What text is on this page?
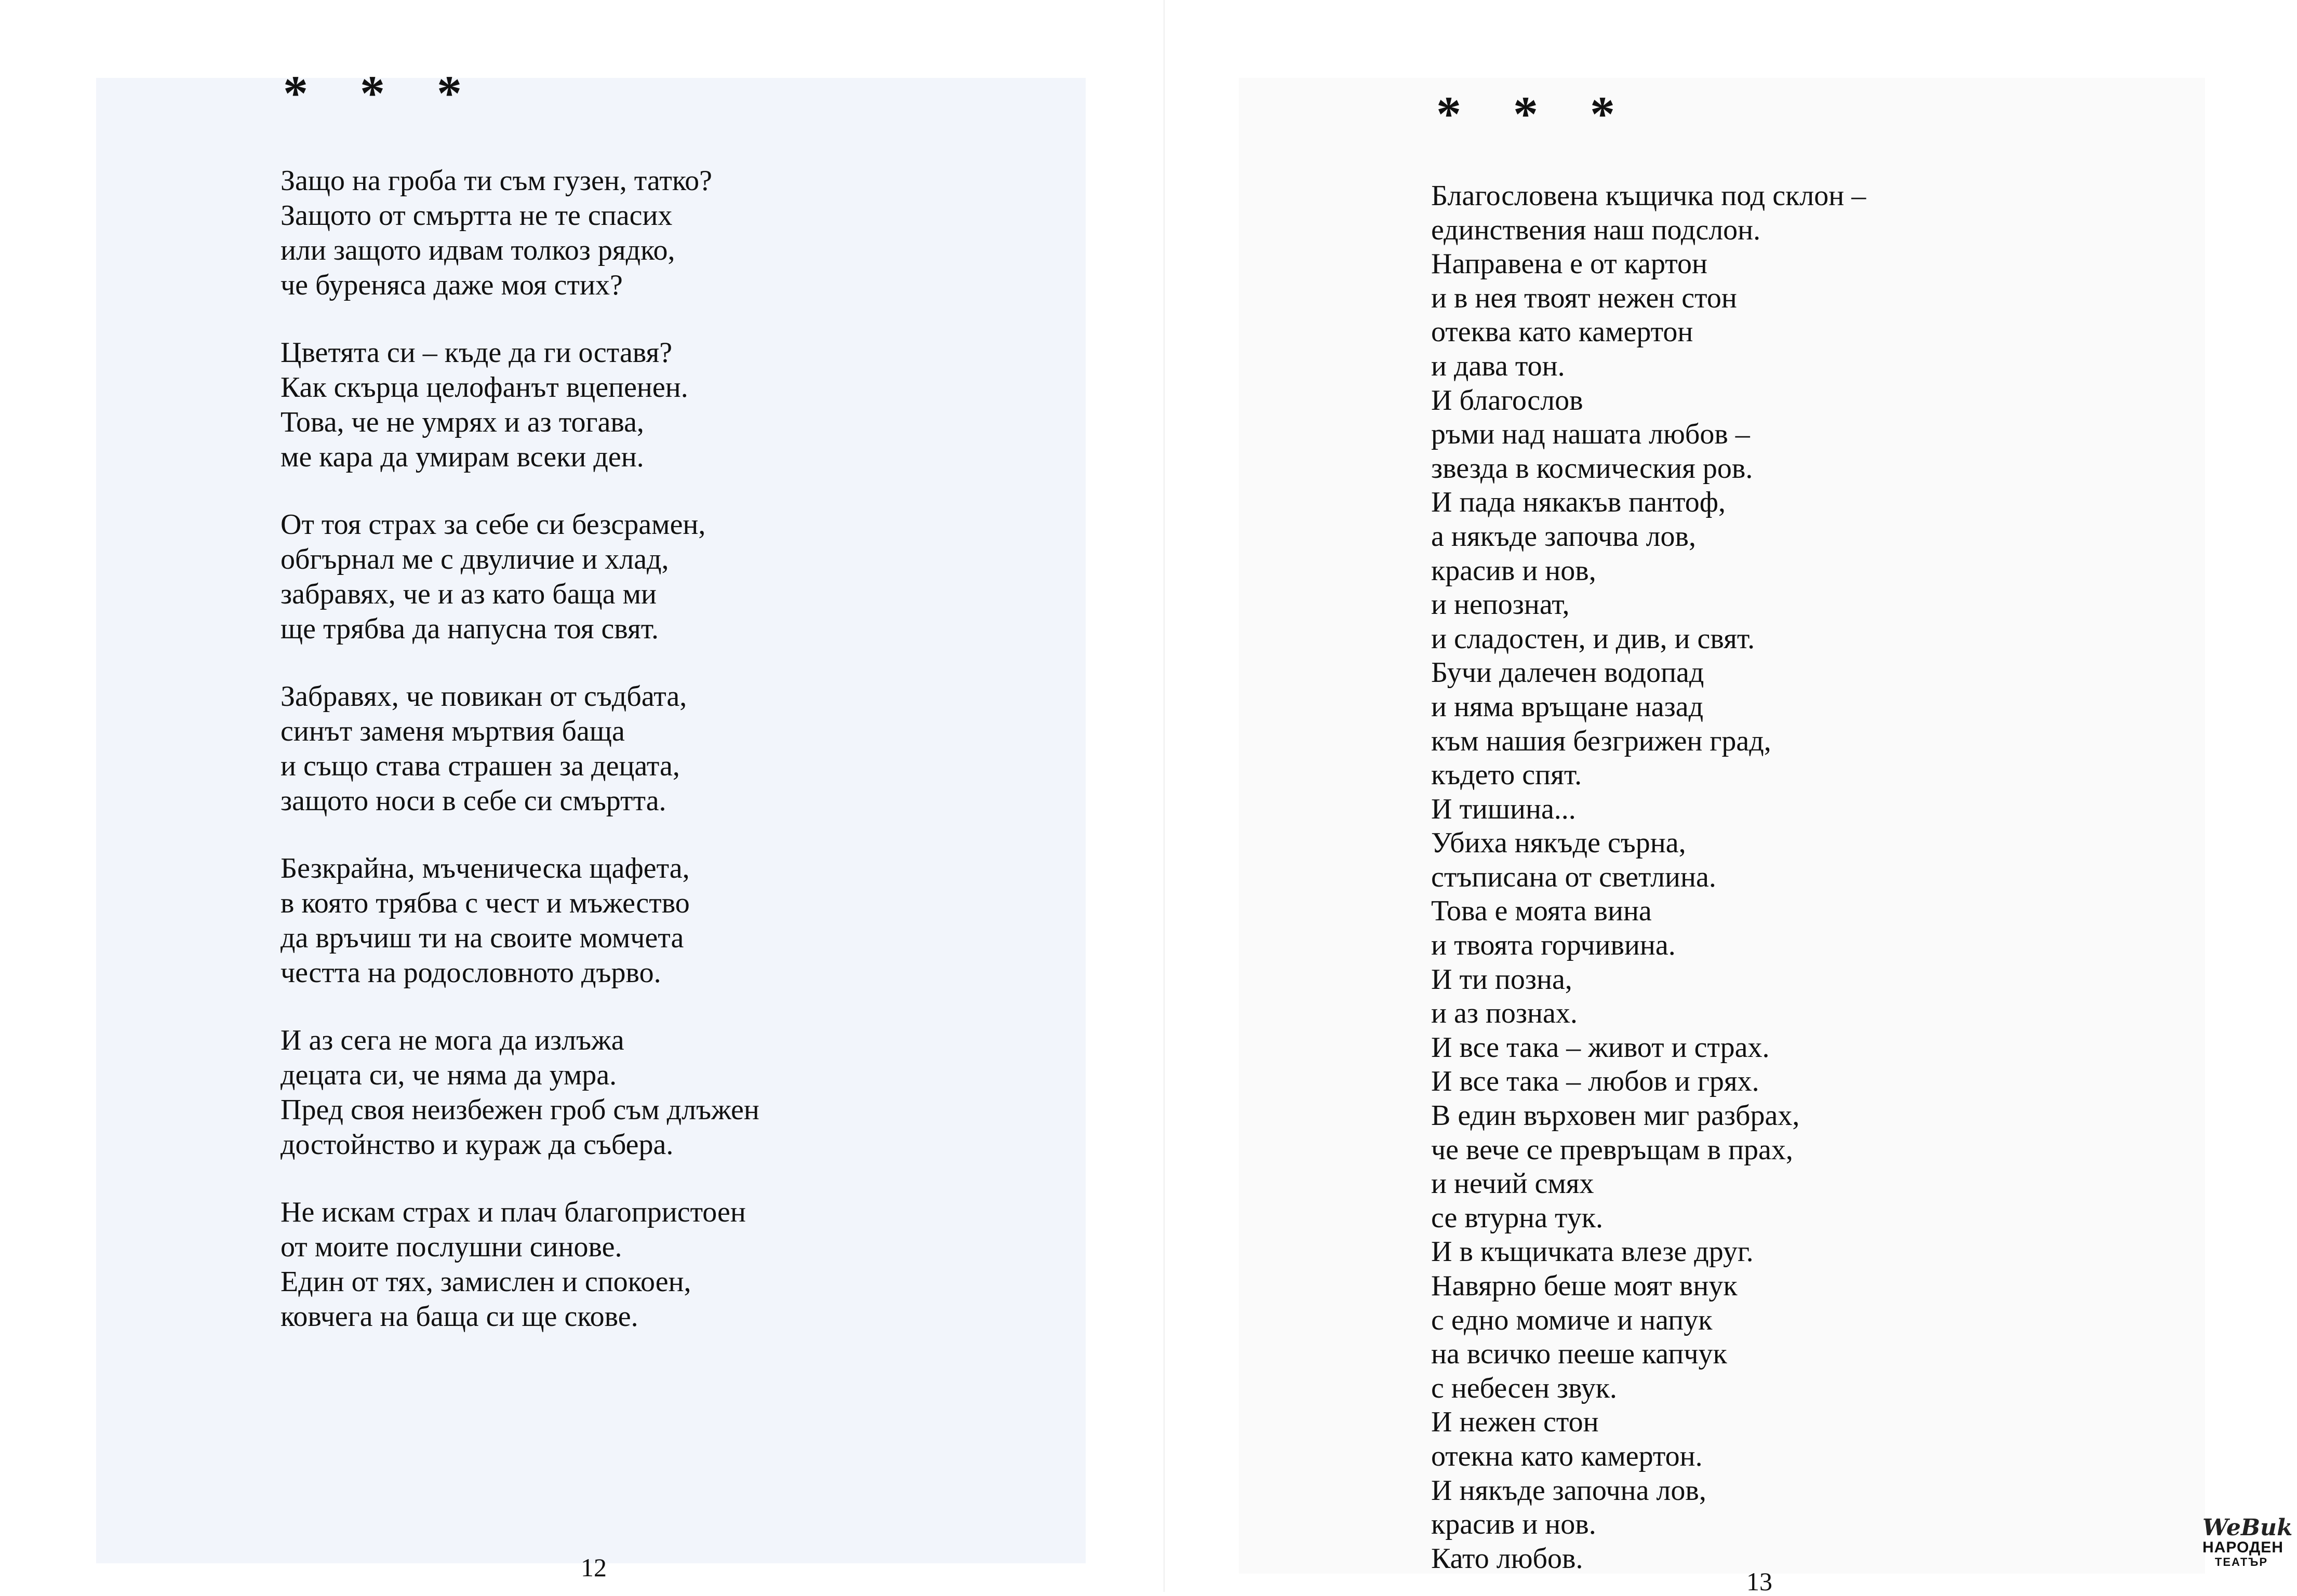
* * *
Защо на гроба ти съм гузен, татко?
Защото от смъртта не те спасих
или защото идвам толкоз рядко,
че бурeняса даже моя стих?
Цветята си – къде да ги оставя?
Как скърца целофанът вцепенен.
Това, че не умрях и аз тогава,
ме кара да умирам всеки ден.
От тоя страх за себе си безсрамен,
обгърнал ме с двуличие и хлад,
забравях, че и аз като баща ми
ще трябва да напусна тоя свят.
Забравях, че повикан от съдбата,
синът заменя мъртвия баща
и също става страшен за децата,
защото носи в себе си смъртта.
Безкрайна, мъченическа щафета,
в която трябва с чест и мъжество
да връчиш ти на своите момчета
честта на родословното дърво.
И аз сега не мога да излъжа
децата си, че няма да умра.
Пред своя неизбежен гроб съм длъжен
достойнство и кураж да събера.
Не искам страх и плач благопристоен
от моите послушни синове.
Един от тях, замислен и спокоен,
ковчега на баща си ще скове.
12
* * *
Благословена къщичка под склон –
единствения наш подслон.
Направена е от картон
и в нея твоят нежен стон
отеква като камертон
и дава тон.
И благослов
ръми над нашата любов –
звезда в космическия ров.
И пада някакъв пантоф,
а някъде започва лов,
красив и нов,
и непознат,
и сладостен, и див, и свят.
Бучи далечен водопад
и няма връщане назад
към нашия безгрижен град,
където спят.
И тишина...
Убиха някъде сърна,
стъписана от светлина.
Това е моята вина
и твоята горчивина.
И ти позна,
и аз познах.
И все така – живот и страх.
И все така – любов и грях.
В един върховен миг разбрах,
че вече се превръщам в прах,
и нечий смях
се втурна тук.
И в къщичката влезе друг.
Навярно беше моят внук
с едно момиче и напук
на всичко пееше капчук
с небесен звук.
И нежен стон
отекна като камертон.
И някъде започна лов,
красив и нов.
Като любов.
13
WeBuk
НАРОДЕН
ТЕАТЪР
